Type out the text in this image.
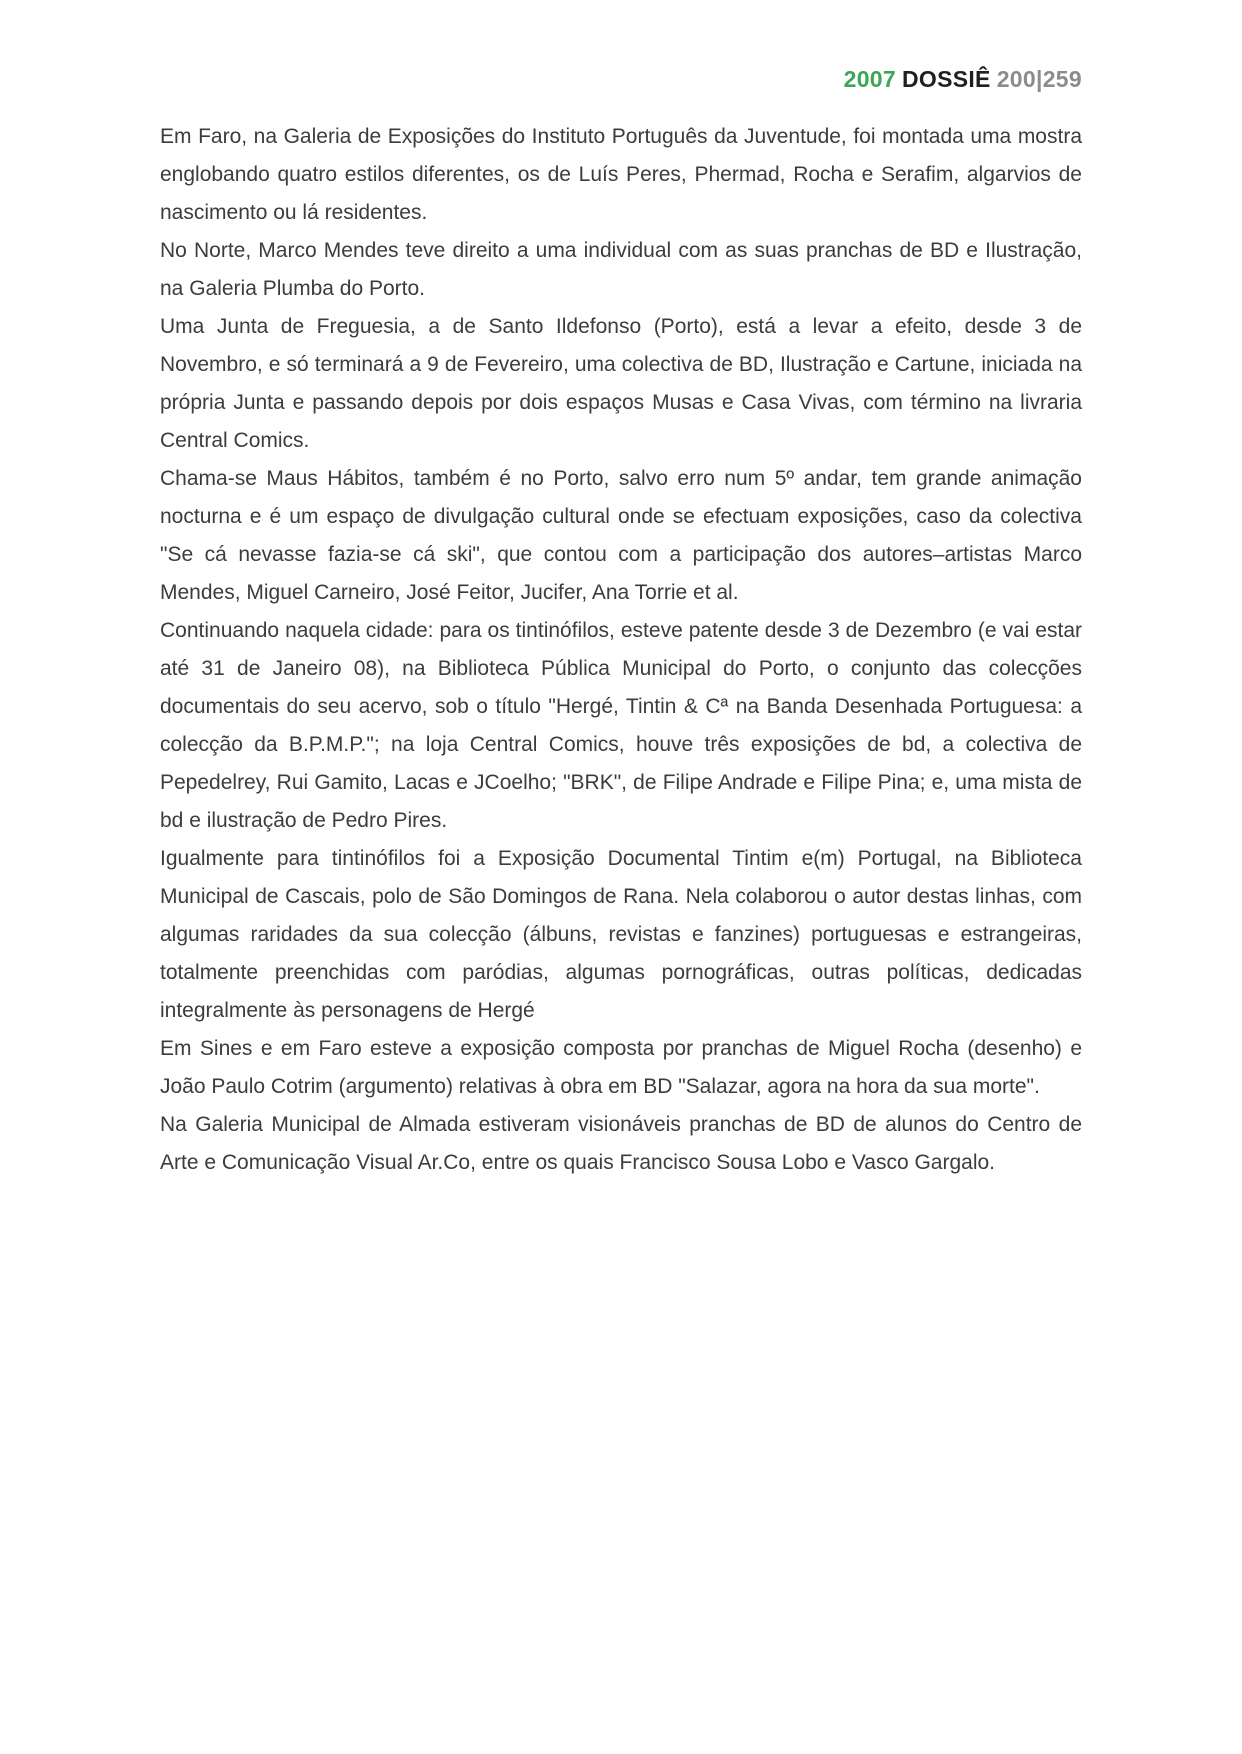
2007 DOSSIÊ 200|259

Em Faro, na Galeria de Exposições do Instituto Português da Juventude, foi montada uma mostra englobando quatro estilos diferentes, os de Luís Peres, Phermad, Rocha e Serafim, algarvios de nascimento ou lá residentes.

No Norte, Marco Mendes teve direito a uma individual com as suas pranchas de BD e Ilustração, na Galeria Plumba do Porto.

Uma Junta de Freguesia, a de Santo Ildefonso (Porto), está a levar a efeito, desde 3 de Novembro, e só terminará a 9 de Fevereiro, uma colectiva de BD, Ilustração e Cartune, iniciada na própria Junta e passando depois por dois espaços Musas e Casa Vivas, com término na livraria Central Comics.

Chama-se Maus Hábitos, também é no Porto, salvo erro num 5º andar, tem grande animação nocturna e é um espaço de divulgação cultural onde se efectuam exposições, caso da colectiva "Se cá nevasse fazia-se cá ski", que contou com a participação dos autores–artistas Marco Mendes, Miguel Carneiro, José Feitor, Jucifer, Ana Torrie et al.

Continuando naquela cidade: para os tintinófilos, esteve patente desde 3 de Dezembro (e vai estar até 31 de Janeiro 08), na Biblioteca Pública Municipal do Porto, o conjunto das colecções documentais do seu acervo, sob o título "Hergé, Tintin & Cª na Banda Desenhada Portuguesa: a colecção da B.P.M.P."; na loja Central Comics, houve três exposições de bd, a colectiva de Pepedelrey, Rui Gamito, Lacas e JCoelho; "BRK", de Filipe Andrade e Filipe Pina; e, uma mista de bd e ilustração de Pedro Pires.

Igualmente para tintinófilos foi a Exposição Documental Tintim e(m) Portugal, na Biblioteca Municipal de Cascais, polo de São Domingos de Rana. Nela colaborou o autor destas linhas, com algumas raridades da sua colecção (álbuns, revistas e fanzines) portuguesas e estrangeiras, totalmente preenchidas com paródias, algumas pornográficas, outras políticas, dedicadas integralmente às personagens de Hergé

Em Sines e em Faro esteve a exposição composta por pranchas de Miguel Rocha (desenho) e João Paulo Cotrim (argumento) relativas à obra em BD "Salazar, agora na hora da sua morte".

Na Galeria Municipal de Almada estiveram visionáveis pranchas de BD de alunos do Centro de Arte e Comunicação Visual Ar.Co, entre os quais Francisco Sousa Lobo e Vasco Gargalo.
